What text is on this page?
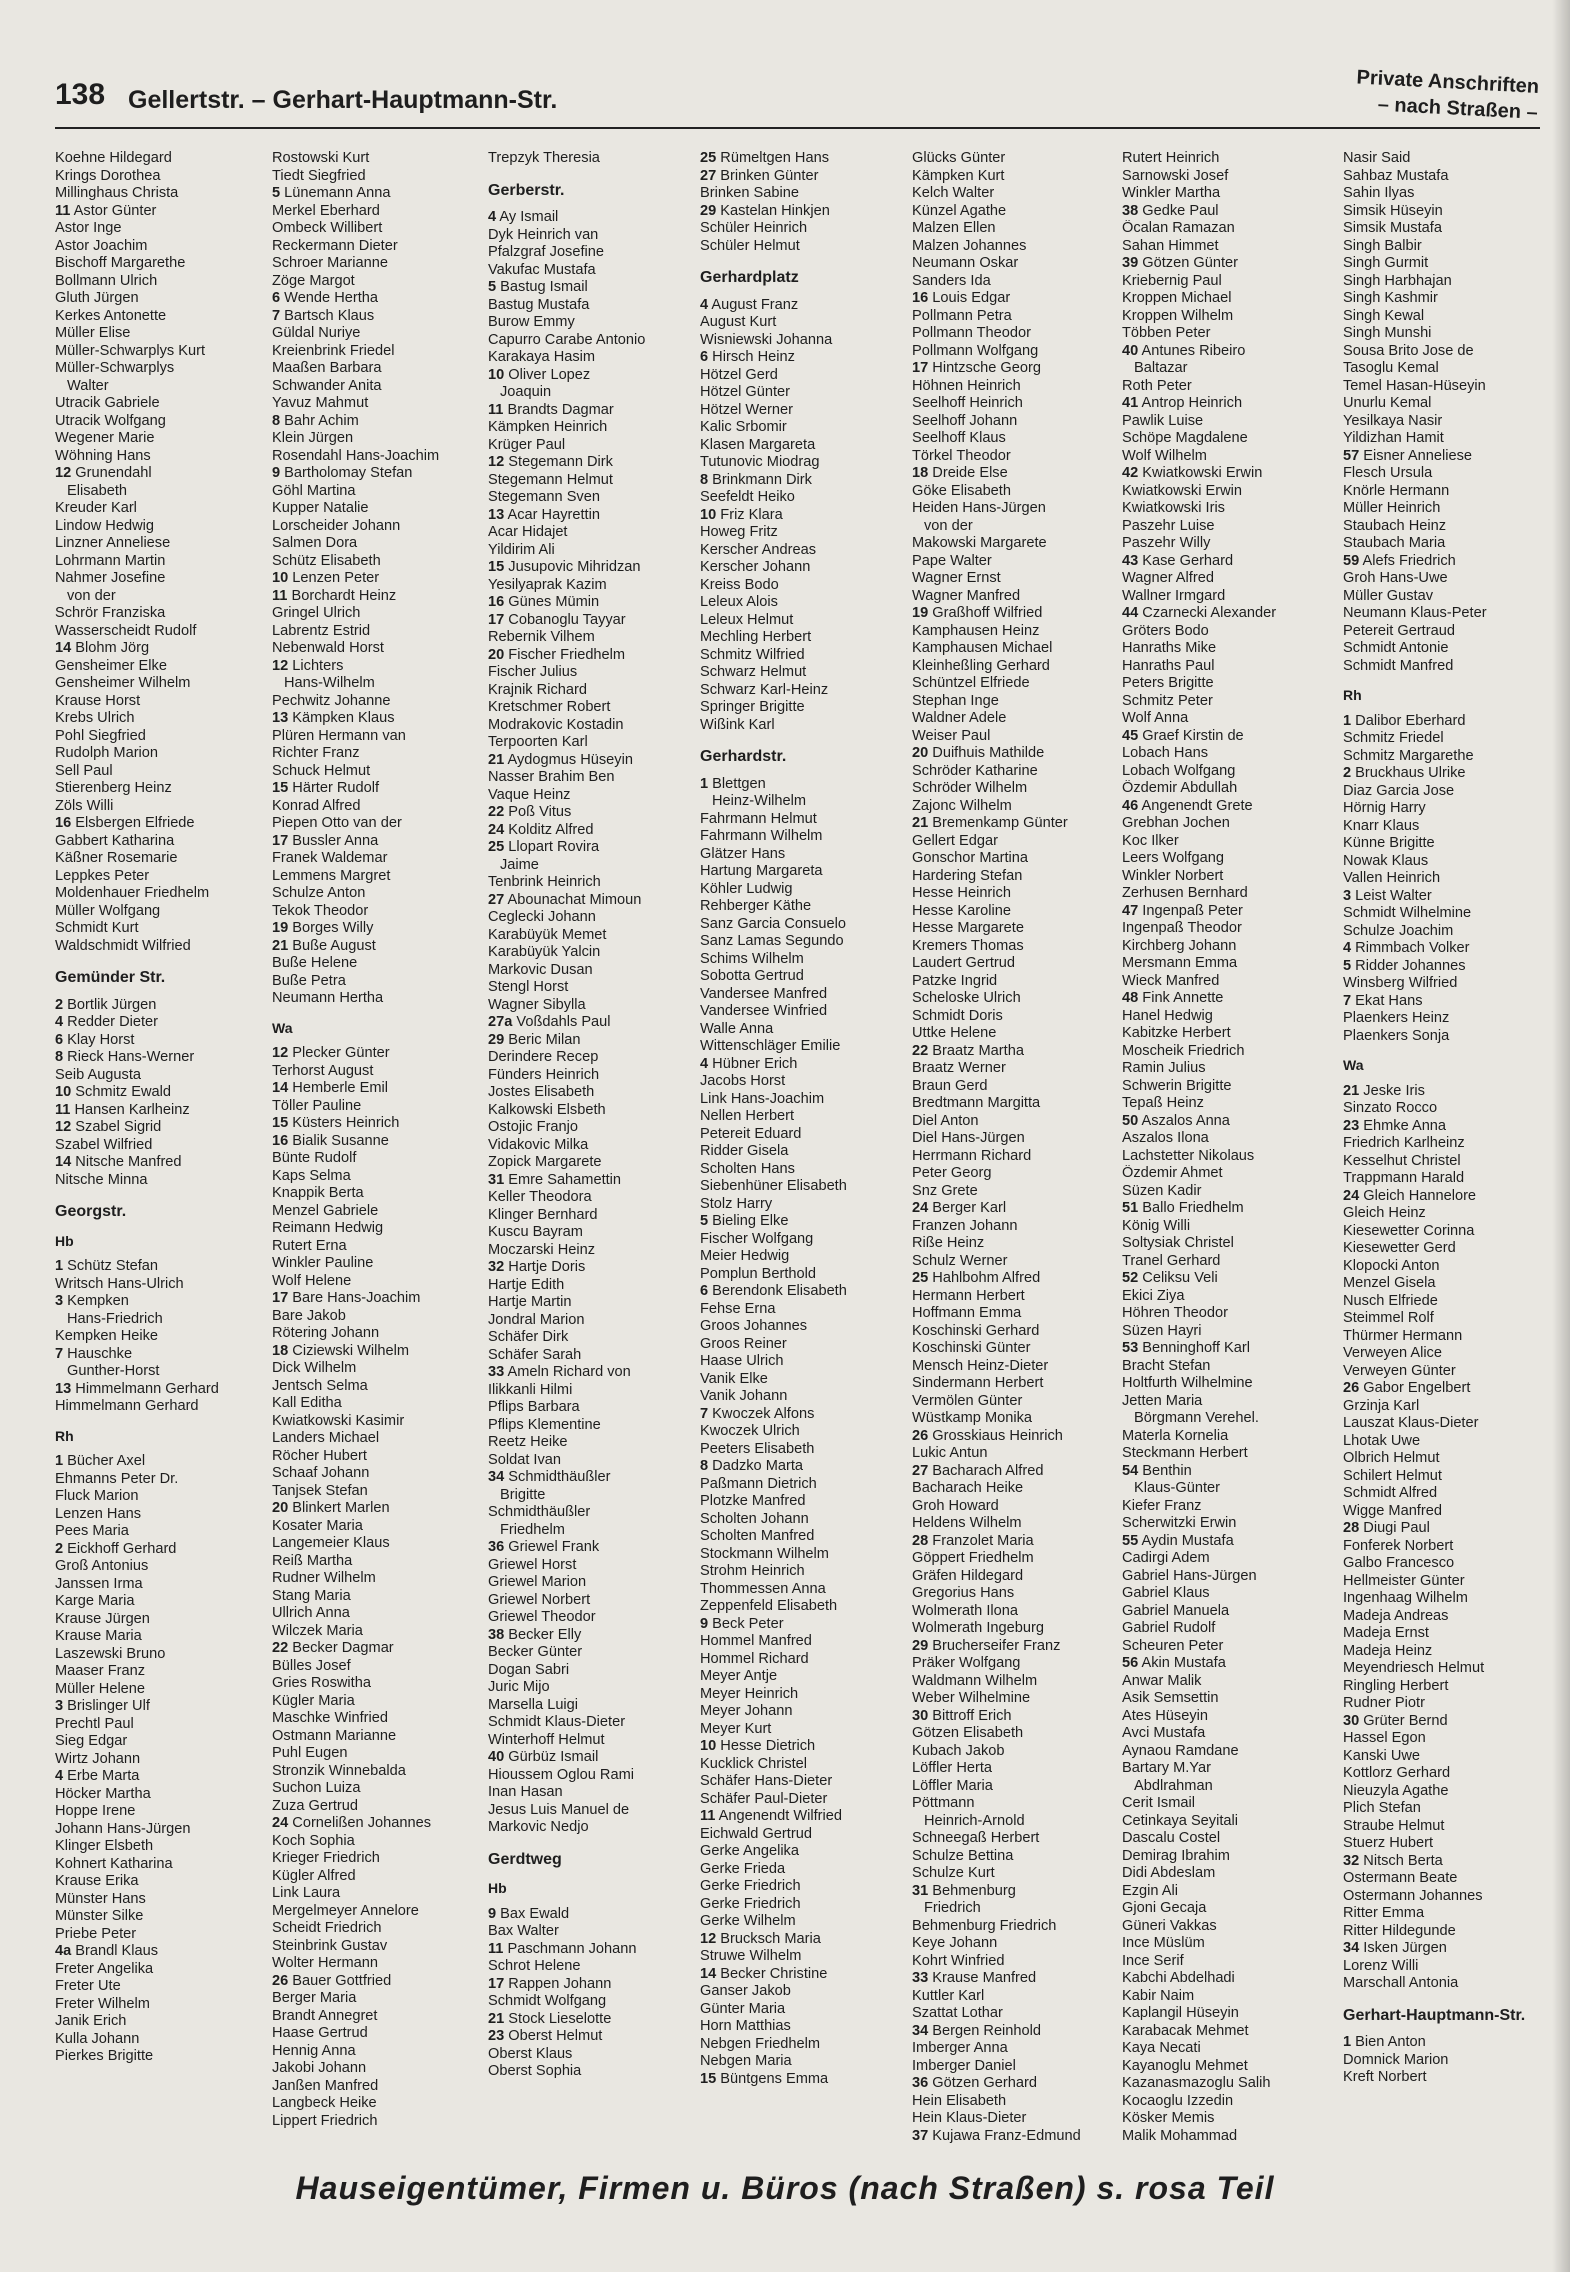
138 Gellertstr. – Gerhart-Hauptmann-Str.
Private Anschriften
– nach Straßen –
Koehne Hildegard
Krings Dorothea
Millinghaus Christa
11 Astor Günter
Astor Inge
Astor Joachim
Bischoff Margarethe
Bollmann Ulrich
Gluth Jürgen
Kerkes Antonette
Müller Elise
Müller-Schwarplys Kurt
Müller-Schwarplys
Walter
Utracik Gabriele
Utracik Wolfgang
Wegener Marie
Wöhning Hans
12 Grunendahl
Elisabeth
Kreuder Karl
Lindow Hedwig
Linzner Anneliese
Lohrmann Martin
Nahmer Josefine
von der
Schrör Franziska
Wasserscheidt Rudolf
14 Blohm Jörg
Gensheimer Elke
Gensheimer Wilhelm
Krause Horst
Krebs Ulrich
Pohl Siegfried
Rudolph Marion
Sell Paul
Stierenberg Heinz
Zöls Willi
16 Elsbergen Elfriede
Gabbert Katharina
Käßner Rosemarie
Leppkes Peter
Moldenhauer Friedhelm
Müller Wolfgang
Schmidt Kurt
Waldschmidt Wilfried
Gemünder Str.
2 Bortlik Jürgen
4 Redder Dieter
6 Klay Horst
8 Rieck Hans-Werner
Seib Augusta
10 Schmitz Ewald
11 Hansen Karlheinz
12 Szabel Sigrid
Szabel Wilfried
14 Nitsche Manfred
Nitsche Minna
Georgstr.
Hb
1 Schütz Stefan
Writsch Hans-Ulrich
3 Kempken
Hans-Friedrich
Kempken Heike
7 Hauschke
Gunther-Horst
13 Himmelmann Gerhard
Himmelmann Gerhard
Rh
1 Bücher Axel
Ehmanns Peter Dr.
Fluck Marion
Lenzen Hans
Pees Maria
2 Eickhoff Gerhard
Groß Antonius
Janssen Irma
Karge Maria
Krause Jürgen
Krause Maria
Laszewski Bruno
Maaser Franz
Müller Helene
3 Brislinger Ulf
Prechtl Paul
Sieg Edgar
Wirtz Johann
4 Erbe Marta
Höcker Martha
Hoppe Irene
Johann Hans-Jürgen
Klinger Elsbeth
Kohnert Katharina
Krause Erika
Münster Hans
Münster Silke
Priebe Peter
4a Brandl Klaus
Freter Angelika
Freter Ute
Freter Wilhelm
Janik Erich
Kulla Johann
Pierkes Brigitte
Rostowski Kurt
Tiedt Siegfried
5 Lünemann Anna
Merkel Eberhard
Ombeck Willibert
Reckermann Dieter
Schroer Marianne
Zöge Margot
6 Wende Hertha
7 Bartsch Klaus
Güldal Nuriye
Kreienbrink Friedel
Maaßen Barbara
Schwander Anita
Yavuz Mahmut
8 Bahr Achim
Klein Jürgen
Rosendahl Hans-Joachim
9 Bartholomay Stefan
Göhl Martina
Kupper Natalie
Lorscheider Johann
Salmen Dora
Schütz Elisabeth
10 Lenzen Peter
11 Borchardt Heinz
Gringel Ulrich
Labrentz Estrid
Nebenwald Horst
12 Lichters
Hans-Wilhelm
Pechwitz Johanne
13 Kämpken Klaus
Plüren Hermann van
Richter Franz
Schuck Helmut
15 Härter Rudolf
Konrad Alfred
Piepen Otto van der
17 Bussler Anna
Franek Waldemar
Lemmens Margret
Schulze Anton
Tekok Theodor
19 Borges Willy
21 Buße August
Buße Helene
Buße Petra
Neumann Hertha
Wa
12 Plecker Günter
Terhorst August
14 Hemberle Emil
Töller Pauline
15 Küsters Heinrich
16 Bialik Susanne
Bünte Rudolf
Kaps Selma
Knappik Berta
Menzel Gabriele
Reimann Hedwig
Rutert Erna
Winkler Pauline
Wolf Helene
17 Bare Hans-Joachim
Bare Jakob
Rötering Johann
18 Ciziewski Wilhelm
Dick Wilhelm
Jentsch Selma
Kall Editha
Kwiatkowski Kasimir
Landers Michael
Röcher Hubert
Schaaf Johann
Tanjsek Stefan
20 Blinkert Marlen
Kosater Maria
Langemeier Klaus
Reiß Martha
Rudner Wilhelm
Stang Maria
Ullrich Anna
Wilczek Maria
22 Becker Dagmar
Bülles Josef
Gries Roswitha
Kügler Maria
Maschke Winfried
Ostmann Marianne
Puhl Eugen
Stronzik Winnebalda
Suchon Luiza
Zuza Gertrud
24 Cornelißen Johannes
Koch Sophia
Krieger Friedrich
Kügler Alfred
Link Laura
Mergelmeyer Annelore
Scheidt Friedrich
Steinbrink Gustav
Wolter Hermann
26 Bauer Gottfried
Berger Maria
Brandt Annegret
Haase Gertrud
Hennig Anna
Jakobi Johann
Janßen Manfred
Langbeck Heike
Lippert Friedrich
Trepzyk Theresia
Gerberstr.
4 Ay Ismail
Dyk Heinrich van
Pfalzgraf Josefine
Vakufac Mustafa
5 Bastug Ismail
Bastug Mustafa
Burow Emmy
Capurro Carabe Antonio
Karakaya Hasim
10 Oliver Lopez
Joaquin
11 Brandts Dagmar
Kämpken Heinrich
Krüger Paul
12 Stegemann Dirk
Stegemann Helmut
Stegemann Sven
13 Acar Hayrettin
Acar Hidajet
Yildirim Ali
15 Jusupovic Mihridzan
Yesilyaprak Kazim
16 Günes Mümin
17 Cobanoglu Tayyar
Rebernik Vilhem
20 Fischer Friedhelm
Fischer Julius
Krajnik Richard
Kretschmer Robert
Modrakovic Kostadin
Terpoorten Karl
21 Aydogmus Hüseyin
Nasser Brahim Ben
Vaque Heinz
22 Poß Vitus
24 Kolditz Alfred
25 Llopart Rovira
Jaime
Tenbrink Heinrich
27 Abounachat Mimoun
Ceglecki Johann
Karabüyük Memet
Karabüyük Yalcin
Markovic Dusan
Stengl Horst
Wagner Sibylla
27a Voßdahls Paul
29 Beric Milan
Derindere Recep
Fünders Heinrich
Jostes Elisabeth
Kalkowski Elsbeth
Ostojic Franjo
Vidakovic Milka
Zopick Margarete
31 Emre Sahamettin
Keller Theodora
Klinger Bernhard
Kuscu Bayram
Moczarski Heinz
32 Hartje Doris
Hartje Edith
Hartje Martin
Jondral Marion
Schäfer Dirk
Schäfer Sarah
33 Ameln Richard von
Ilikkanli Hilmi
Pflips Barbara
Pflips Klementine
Reetz Heike
Soldat Ivan
34 Schmidthäußler
Brigitte
Schmidthäußler
Friedhelm
36 Griewel Frank
Griewel Horst
Griewel Marion
Griewel Norbert
Griewel Theodor
38 Becker Elly
Becker Günter
Dogan Sabri
Juric Mijo
Marsella Luigi
Schmidt Klaus-Dieter
Winterhoff Helmut
40 Gürbüz Ismail
Hioussem Oglou Rami
Inan Hasan
Jesus Luis Manuel de
Markovic Nedjo
Gerdtweg
Hb
9 Bax Ewald
Bax Walter
11 Paschmann Johann
Schrot Helene
17 Rappen Johann
Schmidt Wolfgang
21 Stock Lieselotte
23 Oberst Helmut
Oberst Klaus
Oberst Sophia
25 Rümeltgen Hans
27 Brinken Günter
Brinken Sabine
29 Kastelan Hinkjen
Schüler Heinrich
Schüler Helmut
Gerhardplatz
4 August Franz
August Kurt
Wisniewski Johanna
6 Hirsch Heinz
Hötzel Gerd
Hötzel Günter
Hötzel Werner
Kalic Srbomir
Klasen Margareta
Tutunovic Miodrag
8 Brinkmann Dirk
Seefeldt Heiko
10 Friz Klara
Howeg Fritz
Kerscher Andreas
Kerscher Johann
Kreiss Bodo
Leleux Alois
Leleux Helmut
Mechling Herbert
Schmitz Wilfried
Schwarz Helmut
Schwarz Karl-Heinz
Springer Brigitte
Wißink Karl
Gerhardstr.
1 Blettgen
Heinz-Wilhelm
Fahrmann Helmut
Fahrmann Wilhelm
Glätzer Hans
Hartung Margareta
Köhler Ludwig
Rehberger Käthe
Sanz Garcia Consuelo
Sanz Lamas Segundo
Schims Wilhelm
Sobotta Gertrud
Vandersee Manfred
Vandersee Winfried
Walle Anna
Wittenschläger Emilie
4 Hübner Erich
Jacobs Horst
Link Hans-Joachim
Nellen Herbert
Petereit Eduard
Ridder Gisela
Scholten Hans
Siebenhüner Elisabeth
Stolz Harry
5 Bieling Elke
Fischer Wolfgang
Meier Hedwig
Pomplun Berthold
6 Berendonk Elisabeth
Fehse Erna
Groos Johannes
Groos Reiner
Haase Ulrich
Vanik Elke
Vanik Johann
7 Kwoczek Alfons
Kwoczek Ulrich
Peeters Elisabeth
8 Dadzko Marta
Paßmann Dietrich
Plotzke Manfred
Scholten Johann
Scholten Manfred
Stockmann Wilhelm
Strohm Heinrich
Thommessen Anna
Zeppenfeld Elisabeth
9 Beck Peter
Hommel Manfred
Hommel Richard
Meyer Antje
Meyer Heinrich
Meyer Johann
Meyer Kurt
10 Hesse Dietrich
Kucklick Christel
Schäfer Hans-Dieter
Schäfer Paul-Dieter
11 Angenendt Wilfried
Eichwald Gertrud
Gerke Angelika
Gerke Frieda
Gerke Friedrich
Gerke Friedrich
Gerke Wilhelm
12 Brucksch Maria
Struwe Wilhelm
14 Becker Christine
Ganser Jakob
Günter Maria
Horn Matthias
Nebgen Friedhelm
Nebgen Maria
15 Büntgens Emma
Glücks Günter
Kämpken Kurt
Kelch Walter
Künzel Agathe
Malzen Ellen
Malzen Johannes
Neumann Oskar
Sanders Ida
16 Louis Edgar
Pollmann Petra
Pollmann Theodor
Pollmann Wolfgang
17 Hintzsche Georg
Höhnen Heinrich
Seelhoff Heinrich
Seelhoff Johann
Seelhoff Klaus
Törkel Theodor
18 Dreide Else
Göke Elisabeth
Heiden Hans-Jürgen
von der
Makowski Margarete
Pape Walter
Wagner Ernst
Wagner Manfred
19 Graßhoff Wilfried
Kamphausen Heinz
Kamphausen Michael
Kleinheßling Gerhard
Schüntzel Elfriede
Stephan Inge
Waldner Adele
Weiser Paul
20 Duifhuis Mathilde
Schröder Katharine
Schröder Wilhelm
Zajonc Wilhelm
21 Bremenkamp Günter
Gellert Edgar
Gonschor Martina
Hardering Stefan
Hesse Heinrich
Hesse Karoline
Hesse Margarete
Kremers Thomas
Laudert Gertrud
Patzke Ingrid
Scheloske Ulrich
Schmidt Doris
Uttke Helene
22 Braatz Martha
Braatz Werner
Braun Gerd
Bredtmann Margitta
Diel Anton
Diel Hans-Jürgen
Herrmann Richard
Peter Georg
Snz Grete
24 Berger Karl
Franzen Johann
Riße Heinz
Schulz Werner
25 Hahlbohm Alfred
Hermann Herbert
Hoffmann Emma
Koschinski Gerhard
Koschinski Günter
Mensch Heinz-Dieter
Sindermann Herbert
Vermölen Günter
Wüstkamp Monika
26 Grosskiaus Heinrich
Lukic Antun
27 Bacharach Alfred
Bacharach Heike
Groh Howard
Heldens Wilhelm
28 Franzolet Maria
Göppert Friedhelm
Gräfen Hildegard
Gregorius Hans
Wolmerath Ilona
Wolmerath Ingeburg
29 Brucherseifer Franz
Präker Wolfgang
Waldmann Wilhelm
Weber Wilhelmine
30 Bittroff Erich
Götzen Elisabeth
Kubach Jakob
Löffler Herta
Löffler Maria
Pöttmann
Heinrich-Arnold
Schneegaß Herbert
Schulze Bettina
Schulze Kurt
31 Behmenburg
Friedrich
Behmenburg Friedrich
Keye Johann
Kohrt Winfried
33 Krause Manfred
Kuttler Karl
Szattat Lothar
34 Bergen Reinhold
Imberger Anna
Imberger Daniel
36 Götzen Gerhard
Hein Elisabeth
Hein Klaus-Dieter
37 Kujawa Franz-Edmund
Rutert Heinrich
Sarnowski Josef
Winkler Martha
38 Gedke Paul
Öcalan Ramazan
Sahan Himmet
39 Götzen Günter
Kriebernig Paul
Kroppen Michael
Kroppen Wilhelm
Többen Peter
40 Antunes Ribeiro
Baltazar
Roth Peter
41 Antrop Heinrich
Pawlik Luise
Schöpe Magdalene
Wolf Wilhelm
42 Kwiatkowski Erwin
Kwiatkowski Erwin
Kwiatkowski Iris
Paszehr Luise
Paszehr Willy
43 Kase Gerhard
Wagner Alfred
Wallner Irmgard
44 Czarnecki Alexander
Gröters Bodo
Hanraths Mike
Hanraths Paul
Peters Brigitte
Schmitz Peter
Wolf Anna
45 Graef Kirstin de
Lobach Hans
Lobach Wolfgang
Özdemir Abdullah
46 Angenendt Grete
Grebhan Jochen
Koc Ilker
Leers Wolfgang
Winkler Norbert
Zerhusen Bernhard
47 Ingenpaß Peter
Ingenpaß Theodor
Kirchberg Johann
Mersmann Emma
Wieck Manfred
48 Fink Annette
Hanel Hedwig
Kabitzke Herbert
Moscheik Friedrich
Ramin Julius
Schwerin Brigitte
Tepaß Heinz
50 Aszalos Anna
Aszalos Ilona
Lachstetter Nikolaus
Özdemir Ahmet
Süzen Kadir
51 Ballo Friedhelm
König Willi
Soltysiak Christel
Tranel Gerhard
52 Celiksu Veli
Ekici Ziya
Höhren Theodor
Süzen Hayri
53 Benninghoff Karl
Bracht Stefan
Holtfurth Wilhelmine
Jetten Maria
Börgmann Verehel.
Materla Kornelia
Steckmann Herbert
54 Benthin
Klaus-Günter
Kiefer Franz
Scherwitzki Erwin
55 Aydin Mustafa
Cadirgi Adem
Gabriel Hans-Jürgen
Gabriel Klaus
Gabriel Manuela
Gabriel Rudolf
Scheuren Peter
56 Akin Mustafa
Anwar Malik
Asik Semsettin
Ates Hüseyin
Avci Mustafa
Aynaou Ramdane
Bartary M.Yar
Abdlrahman
Cerit Ismail
Cetinkaya Seyitali
Dascalu Costel
Demirag Ibrahim
Didi Abdeslam
Ezgin Ali
Gjoni Gecaja
Güneri Vakkas
Ince Müslüm
Ince Serif
Kabchi Abdelhadi
Kabir Naim
Kaplangil Hüseyin
Karabacak Mehmet
Kaya Necati
Kayanoglu Mehmet
Kazanasmazoglu Salih
Kocaoglu Izzedin
Kösker Memis
Malik Mohammad
Nasir Said
Sahbaz Mustafa
Sahin Ilyas
Simsik Hüseyin
Simsik Mustafa
Singh Balbir
Singh Gurmit
Singh Harbhajan
Singh Kashmir
Singh Kewal
Singh Munshi
Sousa Brito Jose de
Tasoglu Kemal
Temel Hasan-Hüseyin
Unurlu Kemal
Yesilkaya Nasir
Yildizhan Hamit
57 Eisner Anneliese
Flesch Ursula
Knörle Hermann
Müller Heinrich
Staubach Heinz
Staubach Maria
59 Alefs Friedrich
Groh Hans-Uwe
Müller Gustav
Neumann Klaus-Peter
Petereit Gertraud
Schmidt Antonie
Schmidt Manfred
Rh
1 Dalibor Eberhard
Schmitz Friedel
Schmitz Margarethe
2 Bruckhaus Ulrike
Diaz Garcia Jose
Hörnig Harry
Knarr Klaus
Künne Brigitte
Nowak Klaus
Vallen Heinrich
3 Leist Walter
Schmidt Wilhelmine
Schulze Joachim
4 Rimmbach Volker
5 Ridder Johannes
Winsberg Wilfried
7 Ekat Hans
Plaenkers Heinz
Plaenkers Sonja
Wa
21 Jeske Iris
Sinzato Rocco
23 Ehmke Anna
Friedrich Karlheinz
Kesselhut Christel
Trappmann Harald
24 Gleich Hannelore
Gleich Heinz
Kiesewetter Corinna
Kiesewetter Gerd
Klopocki Anton
Menzel Gisela
Nusch Elfriede
Steimmel Rolf
Thürmer Hermann
Verweyen Alice
Verweyen Günter
26 Gabor Engelbert
Grzinja Karl
Lauszat Klaus-Dieter
Lhotak Uwe
Olbrich Helmut
Schilert Helmut
Schmidt Alfred
Wigge Manfred
28 Diugi Paul
Fonferek Norbert
Galbo Francesco
Hellmeister Günter
Ingenhaag Wilhelm
Madeja Andreas
Madeja Ernst
Madeja Heinz
Meyendriesch Helmut
Ringling Herbert
Rudner Piotr
30 Grüter Bernd
Hassel Egon
Kanski Uwe
Kottlorz Gerhard
Nieuzyla Agathe
Plich Stefan
Straube Helmut
Stuerz Hubert
32 Nitsch Berta
Ostermann Beate
Ostermann Johannes
Ritter Emma
Ritter Hildegunde
34 Isken Jürgen
Lorenz Willi
Marschall Antonia
Gerhart-Hauptmann-Str.
1 Bien Anton
Domnick Marion
Kreft Norbert
Hauseigentümer, Firmen u. Büros (nach Straßen) s. rosa Teil
